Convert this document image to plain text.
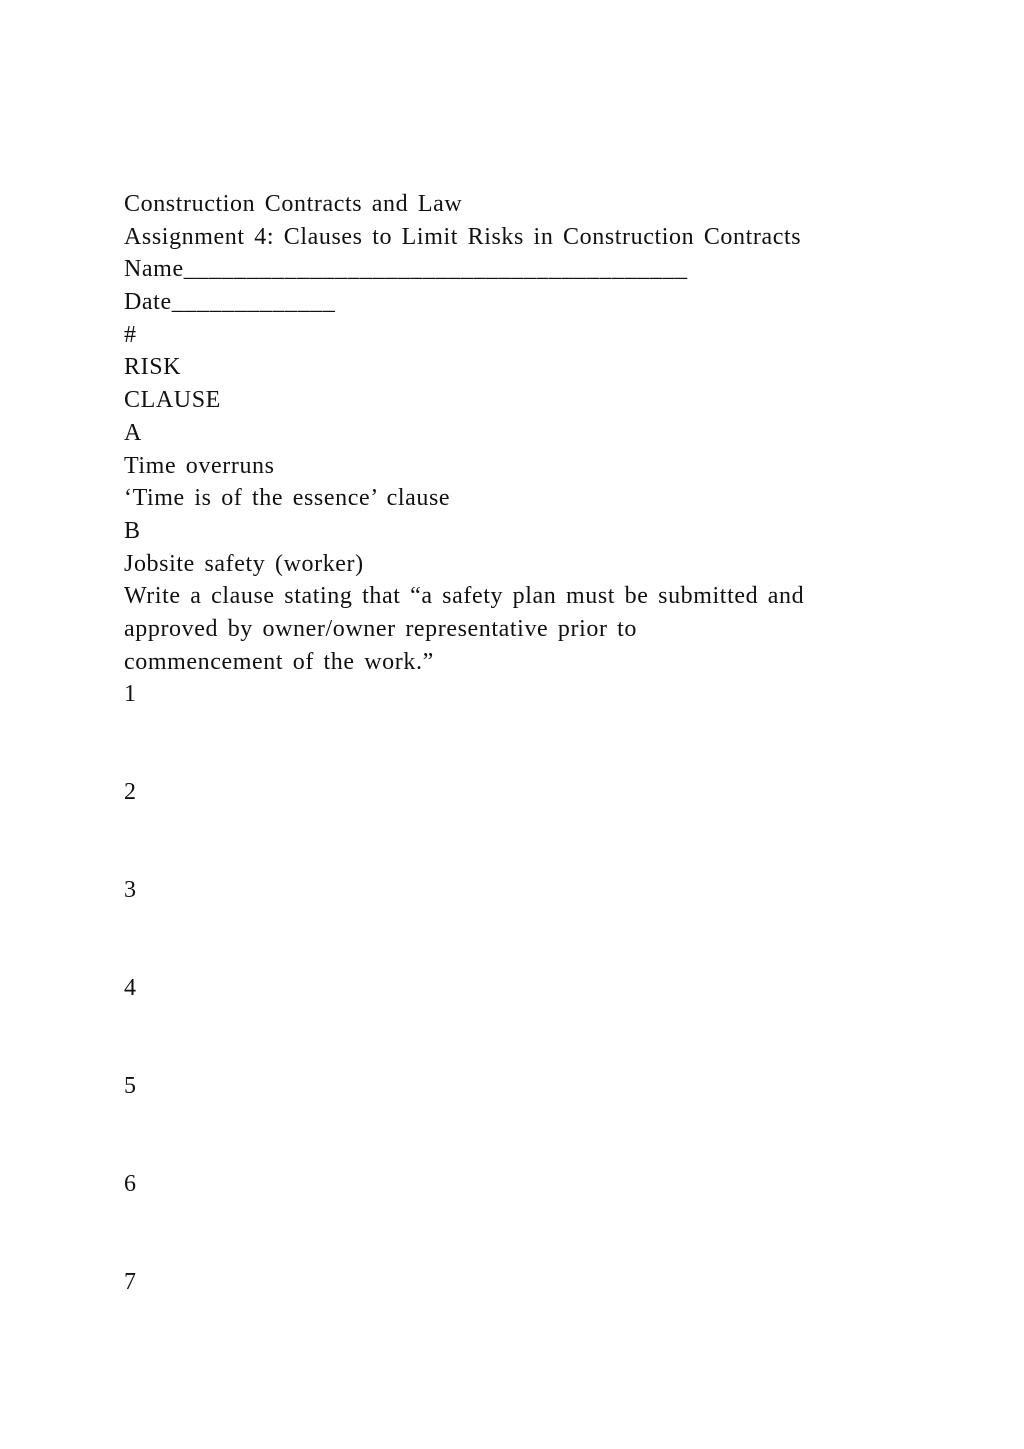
Construction Contracts and Law
Assignment 4: Clauses to Limit Risks in Construction Contracts
Name________________________________________
Date_____________
#
RISK
CLAUSE
A
Time overruns
‘Time is of the essence’ clause
B
Jobsite safety (worker)
Write a clause stating that “a safety plan must be submitted and
approved by owner/owner representative prior to
commencement of the work.”
1
2
3
4
5
6
7
